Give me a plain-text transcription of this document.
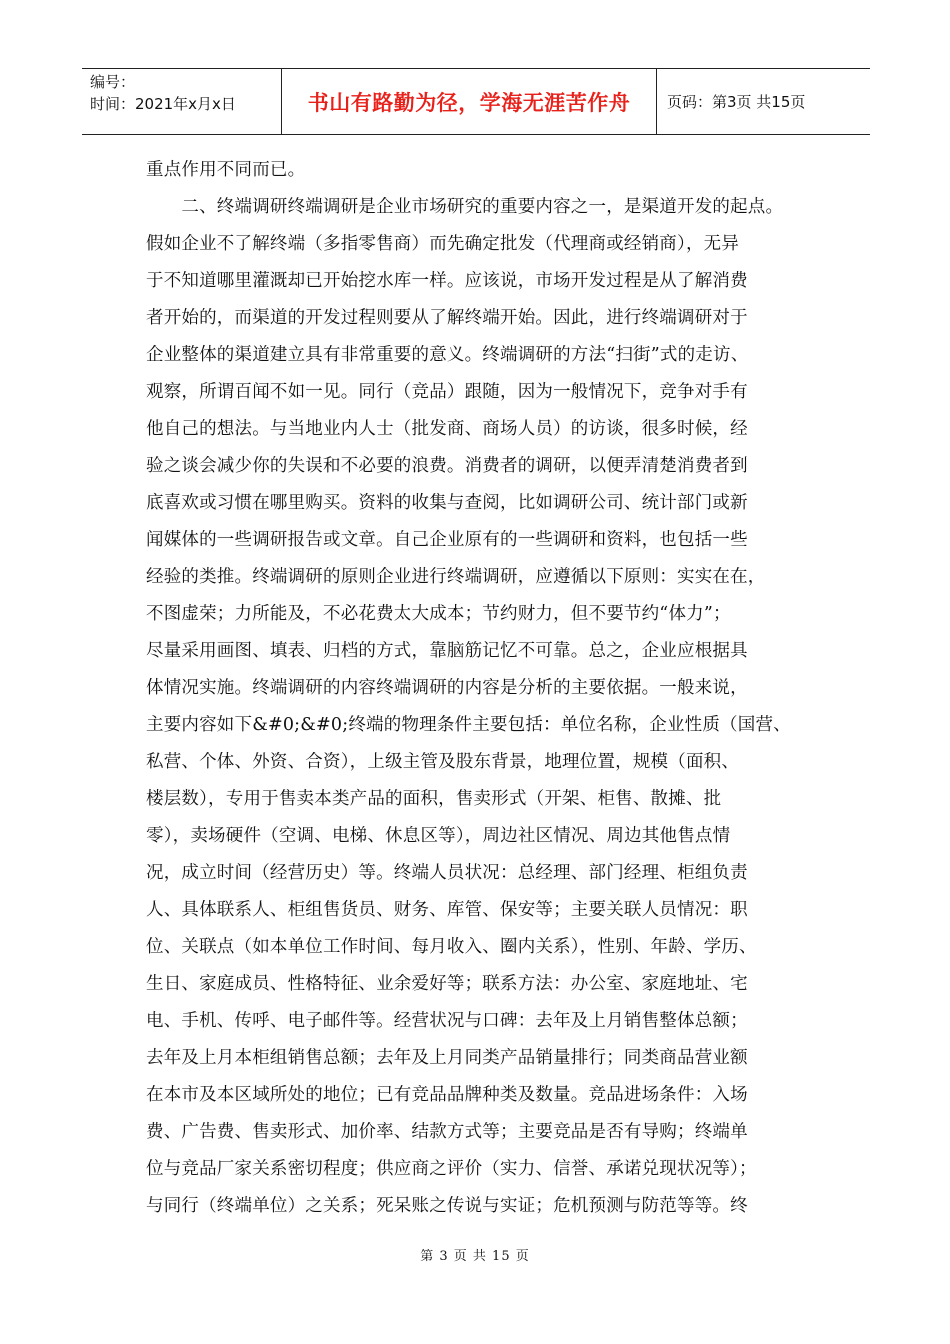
编号：
时间：2021年x月x日	书山有路勤为径，学海无涯苦作舟	页码：第3页 共15页
重点作用不同而已。
　　二、终端调研终端调研是企业市场研究的重要内容之一，是渠道开发的起点。
假如企业不了解终端（多指零售商）而先确定批发（代理商或经销商），无异
于不知道哪里灌溉却已开始挖水库一样。应该说，市场开发过程是从了解消费
者开始的，而渠道的开发过程则要从了解终端开始。因此，进行终端调研对于
企业整体的渠道建立具有非常重要的意义。终端调研的方法“扫街”式的走访、
观察，所谓百闻不如一见。同行（竞品）跟随，因为一般情况下，竞争对手有
他自己的想法。与当地业内人士（批发商、商场人员）的访谈，很多时候，经
验之谈会减少你的失误和不必要的浪费。消费者的调研，以便弄清楚消费者到
底喜欢或习惯在哪里购买。资料的收集与查阅，比如调研公司、统计部门或新
闻媒体的一些调研报告或文章。自己企业原有的一些调研和资料，也包括一些
经验的类推。终端调研的原则企业进行终端调研，应遵循以下原则：实实在在，
不图虚荣；力所能及，不必花费太大成本；节约财力，但不要节约“体力”；
尽量采用画图、填表、归档的方式，靠脑筋记忆不可靠。总之，企业应根据具
体情况实施。终端调研的内容终端调研的内容是分析的主要依据。一般来说，
主要内容如下&#0;&#0;终端的物理条件主要包括：单位名称，企业性质（国营、
私营、个体、外资、合资），上级主管及股东背景，地理位置，规模（面积、
楼层数），专用于售卖本类产品的面积，售卖形式（开架、柜售、散摊、批
零），卖场硬件（空调、电梯、休息区等），周边社区情况、周边其他售点情
况，成立时间（经营历史）等。终端人员状况：总经理、部门经理、柜组负责
人、具体联系人、柜组售货员、财务、库管、保安等；主要关联人员情况：职
位、关联点（如本单位工作时间、每月收入、圈内关系），性别、年龄、学历、
生日、家庭成员、性格特征、业余爱好等；联系方法：办公室、家庭地址、宅
电、手机、传呼、电子邮件等。经营状况与口碑：去年及上月销售整体总额；
去年及上月本柜组销售总额；去年及上月同类产品销量排行；同类商品营业额
在本市及本区域所处的地位；已有竞品品牌种类及数量。竞品进场条件：入场
费、广告费、售卖形式、加价率、结款方式等；主要竞品是否有导购；终端单
位与竞品厂家关系密切程度；供应商之评价（实力、信誉、承诺兑现状况等）；
与同行（终端单位）之关系；死呆账之传说与实证；危机预测与防范等等。终
第 3 页 共 15 页
